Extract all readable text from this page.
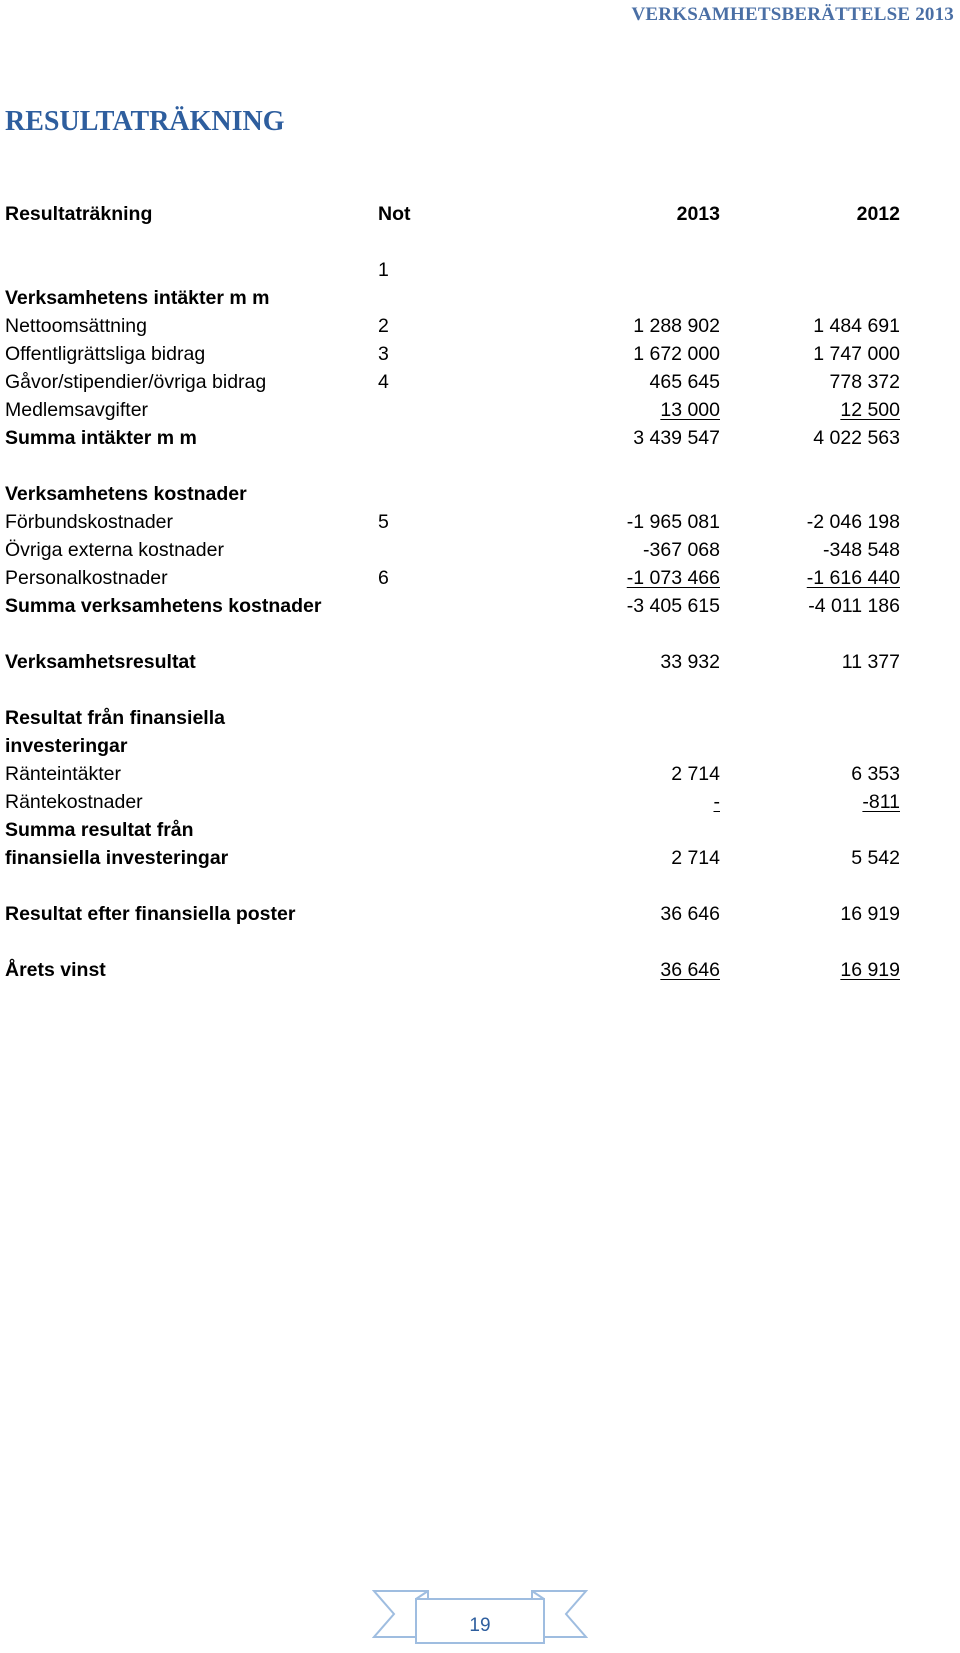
VERKSAMHETSBERÄTTELSE 2013
RESULTATRÄKNING
Resultaträkning	Not	2013	2012
1
Verksamhetens intäkter m m
Nettoomsättning	2	1 288 902	1 484 691
Offentligrättsliga bidrag	3	1 672 000	1 747 000
Gåvor/stipendier/övriga bidrag	4	465 645	778 372
Medlemsavgifter	13 000	12 500
Summa intäkter m m	3 439 547	4 022 563
Verksamhetens kostnader
Förbundskostnader	5	-1 965 081	-2 046 198
Övriga externa kostnader	-367 068	-348 548
Personalkostnader	6	-1 073 466	-1 616 440
Summa verksamhetens kostnader	-3 405 615	-4 011 186
Verksamhetsresultat	33 932	11 377
Resultat från finansiella investeringar
Ränteintäkter	2 714	6 353
Räntekostnader	-	-811
Summa resultat från finansiella investeringar	2 714	5 542
Resultat efter finansiella poster	36 646	16 919
Årets vinst	36 646	16 919
19
